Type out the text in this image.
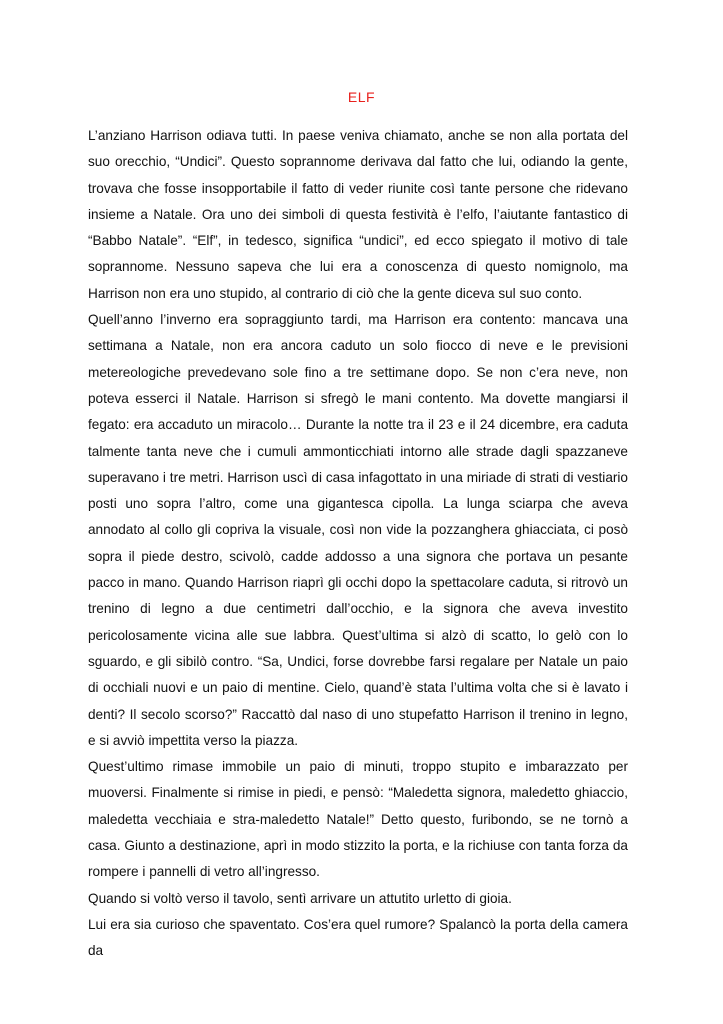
ELF

L’anziano Harrison odiava tutti. In paese veniva chiamato, anche se non alla portata del suo orecchio, “Undici”. Questo soprannome derivava dal fatto che lui, odiando la gente, trovava che fosse insopportabile il fatto di veder riunite così tante persone che ridevano insieme a Natale. Ora uno dei simboli di questa festività è l’elfo, l’aiutante fantastico di “Babbo Natale”. “Elf”, in tedesco, significa “undici”, ed ecco spiegato il motivo di tale soprannome. Nessuno sapeva che lui era a conoscenza di questo nomignolo, ma Harrison non era uno stupido, al contrario di ciò che la gente diceva sul suo conto.

Quell’anno l’inverno era sopraggiunto tardi, ma Harrison era contento: mancava una settimana a Natale, non era ancora caduto un solo fiocco di neve e le previsioni metereologiche prevedevano sole fino a tre settimane dopo. Se non c’era neve, non poteva esserci il Natale. Harrison si sfregò le mani contento. Ma dovette mangiarsi il fegato: era accaduto un miracolo… Durante la notte tra il 23 e il 24 dicembre, era caduta talmente tanta neve che i cumuli ammonticchiati intorno alle strade dagli spazzaneve superavano i tre metri. Harrison uscì di casa infagottato in una miriade di strati di vestiario posti uno sopra l’altro, come una gigantesca cipolla. La lunga sciarpa che aveva annodato al collo gli copriva la visuale, così non vide la pozzanghera ghiacciata, ci posò sopra il piede destro, scivolò, cadde addosso a una signora che portava un pesante pacco in mano. Quando Harrison riaprì gli occhi dopo la spettacolare caduta, si ritrovò un trenino di legno a due centimetri dall’occhio, e la signora che aveva investito pericolosamente vicina alle sue labbra. Quest’ultima si alzò di scatto, lo gelò con lo sguardo, e gli sibilò contro. “Sa, Undici, forse dovrebbe farsi regalare per Natale un paio di occhiali nuovi e un paio di mentine. Cielo, quand’è stata l’ultima volta che si è lavato i denti? Il secolo scorso?” Raccattò dal naso di uno stupefatto Harrison il trenino in legno, e si avviò impettita verso la piazza.

Quest’ultimo rimase immobile un paio di minuti, troppo stupito e imbarazzato per muoversi. Finalmente si rimise in piedi, e pensò: “Maledetta signora, maledetto ghiaccio, maledetta vecchiaia e stra-maledetto Natale!” Detto questo, furibondo, se ne tornò a casa. Giunto a destinazione, aprì in modo stizzito la porta, e la richiuse con tanta forza da rompere i pannelli di vetro all’ingresso.

Quando si voltò verso il tavolo, sentì arrivare un attutito urletto di gioia.

Lui era sia curioso che spaventato. Cos’era quel rumore? Spalancò la porta della camera da
